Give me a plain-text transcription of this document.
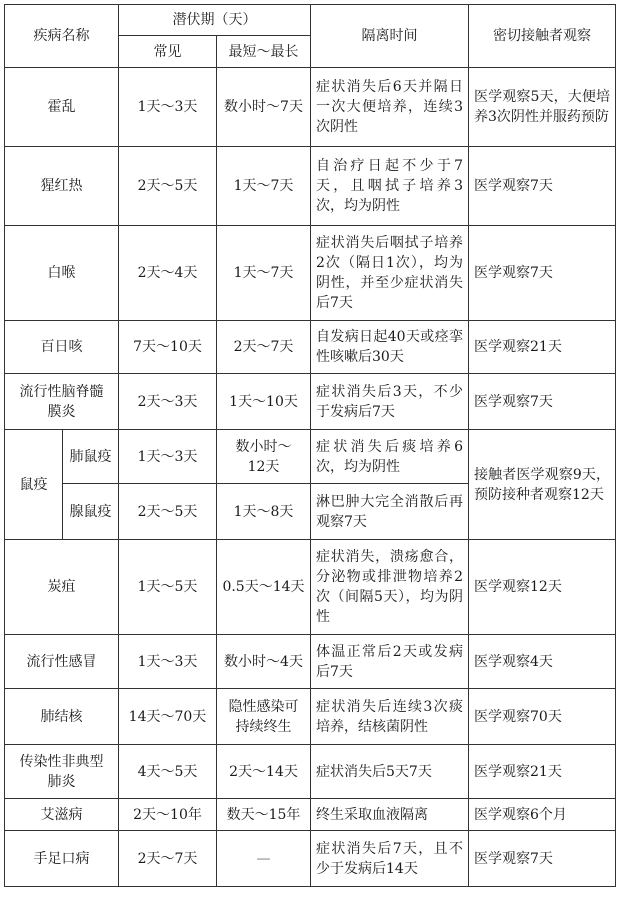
疾病名称		潜伏期（天）		隔离时间	密切接触者观察
		常见	最短～最长		
霍乱		1天～3天	数小时～7天	症状消失后6天并隔日一次大便培养，连续3次阴性	医学观察5天，大便培养3次阴性并服药预防
猩红热		2天～5天	1天～7天	自治疗日起不少于7天，且咽拭子培养3次，均为阴性	医学观察7天
白喉		2天～4天	1天～7天	症状消失后咽拭子培养2次（隔日1次），均为阴性，并至少症状消失后7天	医学观察7天
百日咳		7天～10天	2天～7天	自发病日起40天或痉挛性咳嗽后30天	医学观察21天
流行性脑脊髓膜炎		2天～3天	1天～10天	症状消失后3天，不少于发病后7天	医学观察7天
鼠疫	肺鼠疫	1天～3天	数小时～12天	症状消失后痰培养6次，均为阴性	接触者医学观察9天，预防接种者观察12天
	腺鼠疫	2天～5天	1天～8天	淋巴肿大完全消散后再观察7天	
炭疽		1天～5天	0.5天～14天	症状消失，溃疡愈合，分泌物或排泄物培养2次（间隔5天），均为阴性	医学观察12天
流行性感冒		1天～3天	数小时～4天	体温正常后2天或发病后7天	医学观察4天
肺结核		14天～70天	隐性感染可持续终生	症状消失后连续3次痰培养，结核菌阴性	医学观察70天
传染性非典型肺炎		4天～5天	2天～14天	症状消失后5天7天	医学观察21天
艾滋病		2天～10年	数天～15年	终生采取血液隔离	医学观察6个月
手足口病		2天～7天	—	症状消失后7天，且不少于发病后14天	医学观察7天
